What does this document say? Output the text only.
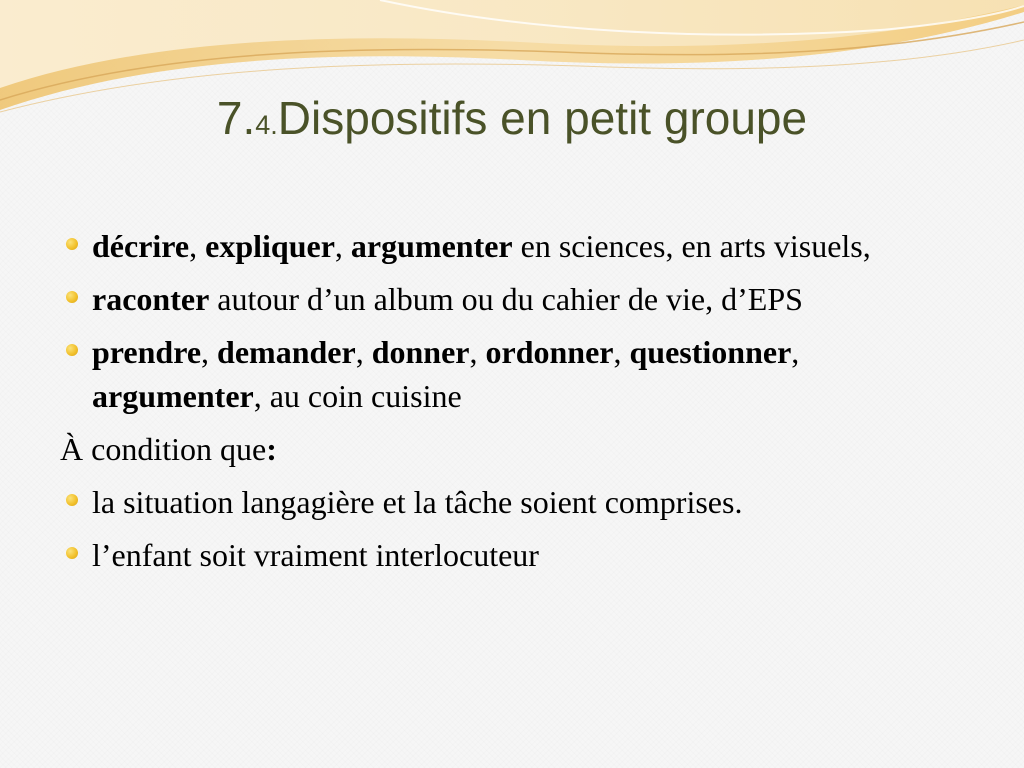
7.4.Dispositifs en petit groupe
décrire, expliquer, argumenter en sciences, en arts visuels,
raconter autour d’un album ou du cahier de vie, d’EPS
prendre, demander, donner, ordonner, questionner, argumenter, au coin cuisine
À condition que:
la situation langagière et la tâche soient comprises.
l’enfant soit vraiment interlocuteur
